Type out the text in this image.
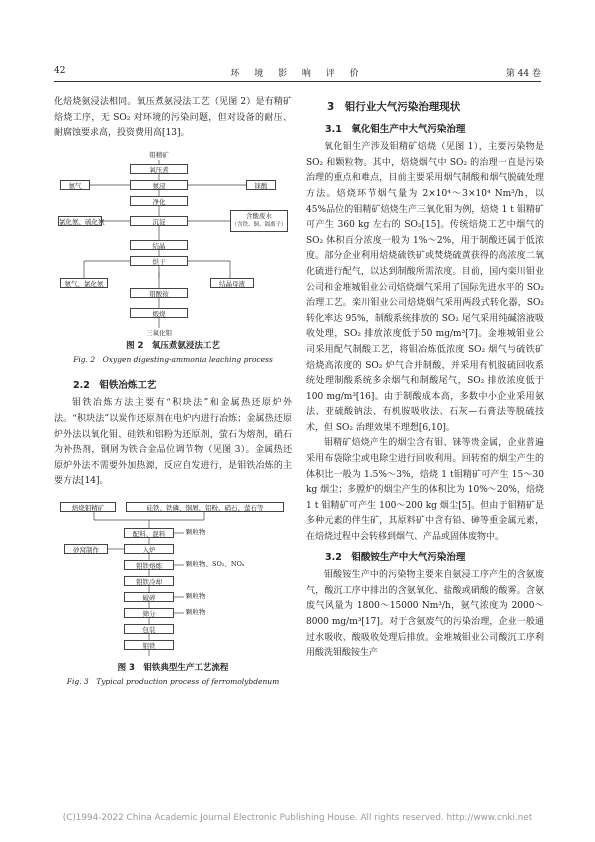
42	环 境 影 响 评 价	第 44 卷

化焙烧氨浸法相同。氧压煮氨浸法工艺（见图 2）是有精矿焙烧工序，无 SO₂ 对环境的污染问题，但对设备的耐压、耐腐蚀要求高，投资费用高[13]。

钼精矿
氧压煮
氨浸
氨气	铼酸
净化
氯化氨、硫化氨	沉淀
含酸废水
（含铁、铜、镉离子）
结晶
烘干
氨气、氯化氨
钼酸铵
结晶母液
煅烧
三氧化钼
图 2　氧压煮氨浸法工艺
Fig. 2　Oxygen digesting-ammonia leaching process

2.2　钼铁冶炼工艺

钼铁冶炼方法主要有“积块法”和金属热还原炉外法。“积块法”以炭作还原剂在电炉内进行冶炼；金属热还原炉外法以氧化钼、硅铁和铝粉为还原剂，萤石为熔剂，硝石为补热剂，钢屑为铁合金品位调节物（见图 3）。金属热还原炉外法不需要外加热源，反应自发进行，是钼铁冶炼的主要方法[14]。

焙烧钼精矿	硅铁、铁磷、铜屑、铝粉、硝石、萤石等
配料、混料	颗粒物
砂窝制作	入炉
钼铁熔炼	颗粒物、SO₂、NOₓ
钼铁冷却
破碎	颗粒物
筛分	颗粒物
包装
钼铁
图 3　钼铁典型生产工艺流程
Fig. 3　Typical production process of ferromolybdenum

3　钼行业大气污染治理现状

3.1　氧化钼生产中大气污染治理

氧化钼生产涉及钼精矿焙烧（见图 1），主要污染物是 SO₂ 和颗粒物。其中，焙烧烟气中 SO₂ 的治理一直是污染治理的重点和难点，目前主要采用烟气制酸和烟气脱硫处理方法。焙烧环节烟气量为 2×10⁴～3×10⁴ Nm³/h，以 45%品位的钼精矿焙烧生产三氧化钼为例，焙烧 1 t 钼精矿可产生 360 kg 左右的 SO₂[15]。传统焙烧工艺中烟气的 SO₂ 体积百分浓度一般为 1%～2%，用于制酸还属于低浓度。部分企业利用焙烧硫铁矿或焚烧硫黄获得的高浓度二氧化硫进行配气，以达到制酸所需浓度。目前，国内栾川钼业公司和金堆城钼业公司焙烧烟气采用了国际先进水平的 SO₂ 治理工艺。栾川钼业公司焙烧烟气采用两段式转化器，SO₂ 转化率达 95%，制酸系统排放的 SO₂ 尾气采用纯碱溶液吸收处理，SO₂ 排放浓度低于50 mg/m³[7]。金堆城钼业公司采用配气制酸工艺，将钼冶炼低浓度 SO₂ 烟气与硫铁矿焙烧高浓度的 SO₂ 炉气合并制酸，并采用有机胺硫回收系统处理制酸系统多余烟气和制酸尾气，SO₂ 排放浓度低于 100 mg/m³[16]。由于制酸成本高，多数中小企业采用氨法、亚硫酸钠法、有机胺吸收法、石灰—石膏法等脱硫技术，但 SO₂ 治理效果不理想[6,10]。

钼精矿焙烧产生的烟尘含有钼、铼等贵金属，企业普遍采用布袋除尘或电除尘进行回收利用。回转窑的烟尘产生的体积比一般为 1.5%～3%，焙烧 1 t钼精矿可产生 15～30 kg 烟尘；多膛炉的烟尘产生的体积比为 10%～20%，焙烧 1 t 钼精矿可产生 100～200 kg 烟尘[5]。但由于钼精矿是多种元素的伴生矿，其原料矿中含有铅、砷等重金属元素，在焙烧过程中会转移到烟气、产品或固体废物中。

3.2　钼酸铵生产中大气污染治理

钼酸铵生产中的污染物主要来自氨浸工序产生的含氨废气，酸沉工序中排出的含氨氧化、盐酸或硝酸的酸雾。含氨废气风量为 1800～15000 Nm³/h，氨气浓度为 2000～8000 mg/m³[17]。对于含氨废气的污染治理，企业一般通过水吸收、酸吸收处理后排放。金堆城钼业公司酸沉工序利用酸洗钼酸铵生产

(C)1994-2022 China Academic Journal Electronic Publishing House. All rights reserved. http://www.cnki.net
